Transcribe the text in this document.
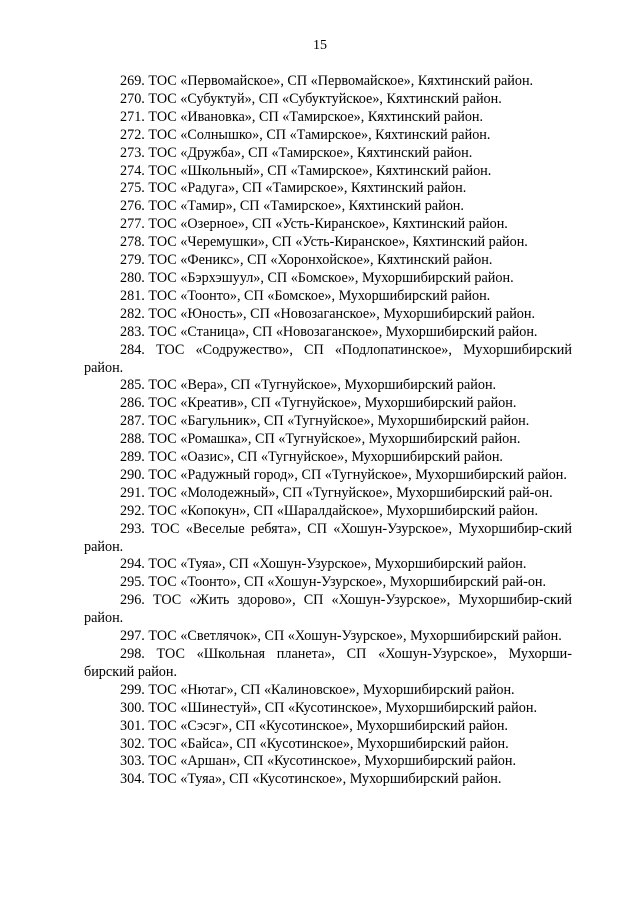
15

269. ТОС «Первомайское», СП «Первомайское», Кяхтинский район.

270. ТОС «Субуктуй», СП «Субуктуйское», Кяхтинский район.

271. ТОС «Ивановка», СП «Тамирское», Кяхтинский район.

272. ТОС «Солнышко», СП «Тамирское», Кяхтинский район.

273. ТОС «Дружба», СП «Тамирское», Кяхтинский район.

274. ТОС «Школьный», СП «Тамирское», Кяхтинский район.

275. ТОС «Радуга», СП «Тамирское», Кяхтинский район.

276. ТОС «Тамир», СП «Тамирское», Кяхтинский район.

277. ТОС «Озерное», СП «Усть-Киранское», Кяхтинский район.

278. ТОС «Черемушки», СП «Усть-Киранское», Кяхтинский район.

279. ТОС «Феникс», СП «Хоронхойское», Кяхтинский район.

280. ТОС «Бэрхэшуул», СП «Бомское», Мухоршибирский район.

281. ТОС «Тоонто», СП «Бомское», Мухоршибирский район.

282. ТОС «Юность», СП «Новозаганское», Мухоршибирский район.

283. ТОС «Станица», СП «Новозаганское», Мухоршибирский район.

284. ТОС «Содружество», СП «Подлопатинское», Мухоршибирский район.

285. ТОС «Вера», СП «Тугнуйское», Мухоршибирский район.

286. ТОС «Креатив», СП «Тугнуйское», Мухоршибирский район.

287. ТОС «Багульник», СП «Тугнуйское», Мухоршибирский район.

288. ТОС «Ромашка», СП «Тугнуйское», Мухоршибирский район.

289. ТОС «Оазис», СП «Тугнуйское», Мухоршибирский район.

290. ТОС «Радужный город», СП «Тугнуйское», Мухоршибирский район.

291. ТОС «Молодежный», СП «Тугнуйское», Мухоршибирский рай-он.

292. ТОС «Копокун», СП «Шаралдайское», Мухоршибирский район.

293. ТОС «Веселые ребята», СП «Хошун-Узурское», Мухоршибир-ский район.

294. ТОС «Туяа», СП «Хошун-Узурское», Мухоршибирский район.

295. ТОС «Тоонто», СП «Хошун-Узурское», Мухоршибирский рай-он.

296. ТОС «Жить здорово», СП «Хошун-Узурское», Мухоршибир-ский район.

297. ТОС «Светлячок», СП «Хошун-Узурское», Мухоршибирский район.

298. ТОС «Школьная планета», СП «Хошун-Узурское», Мухорши-бирский район.

299. ТОС «Нютаг», СП «Калиновское», Мухоршибирский район.

300. ТОС «Шинестуй», СП «Кусотинское», Мухоршибирский район.

301. ТОС «Сэсэг», СП «Кусотинское», Мухоршибирский район.

302. ТОС «Байса», СП «Кусотинское», Мухоршибирский район.

303. ТОС «Аршан», СП «Кусотинское», Мухоршибирский район.

304. ТОС «Туяа», СП «Кусотинское», Мухоршибирский район.
